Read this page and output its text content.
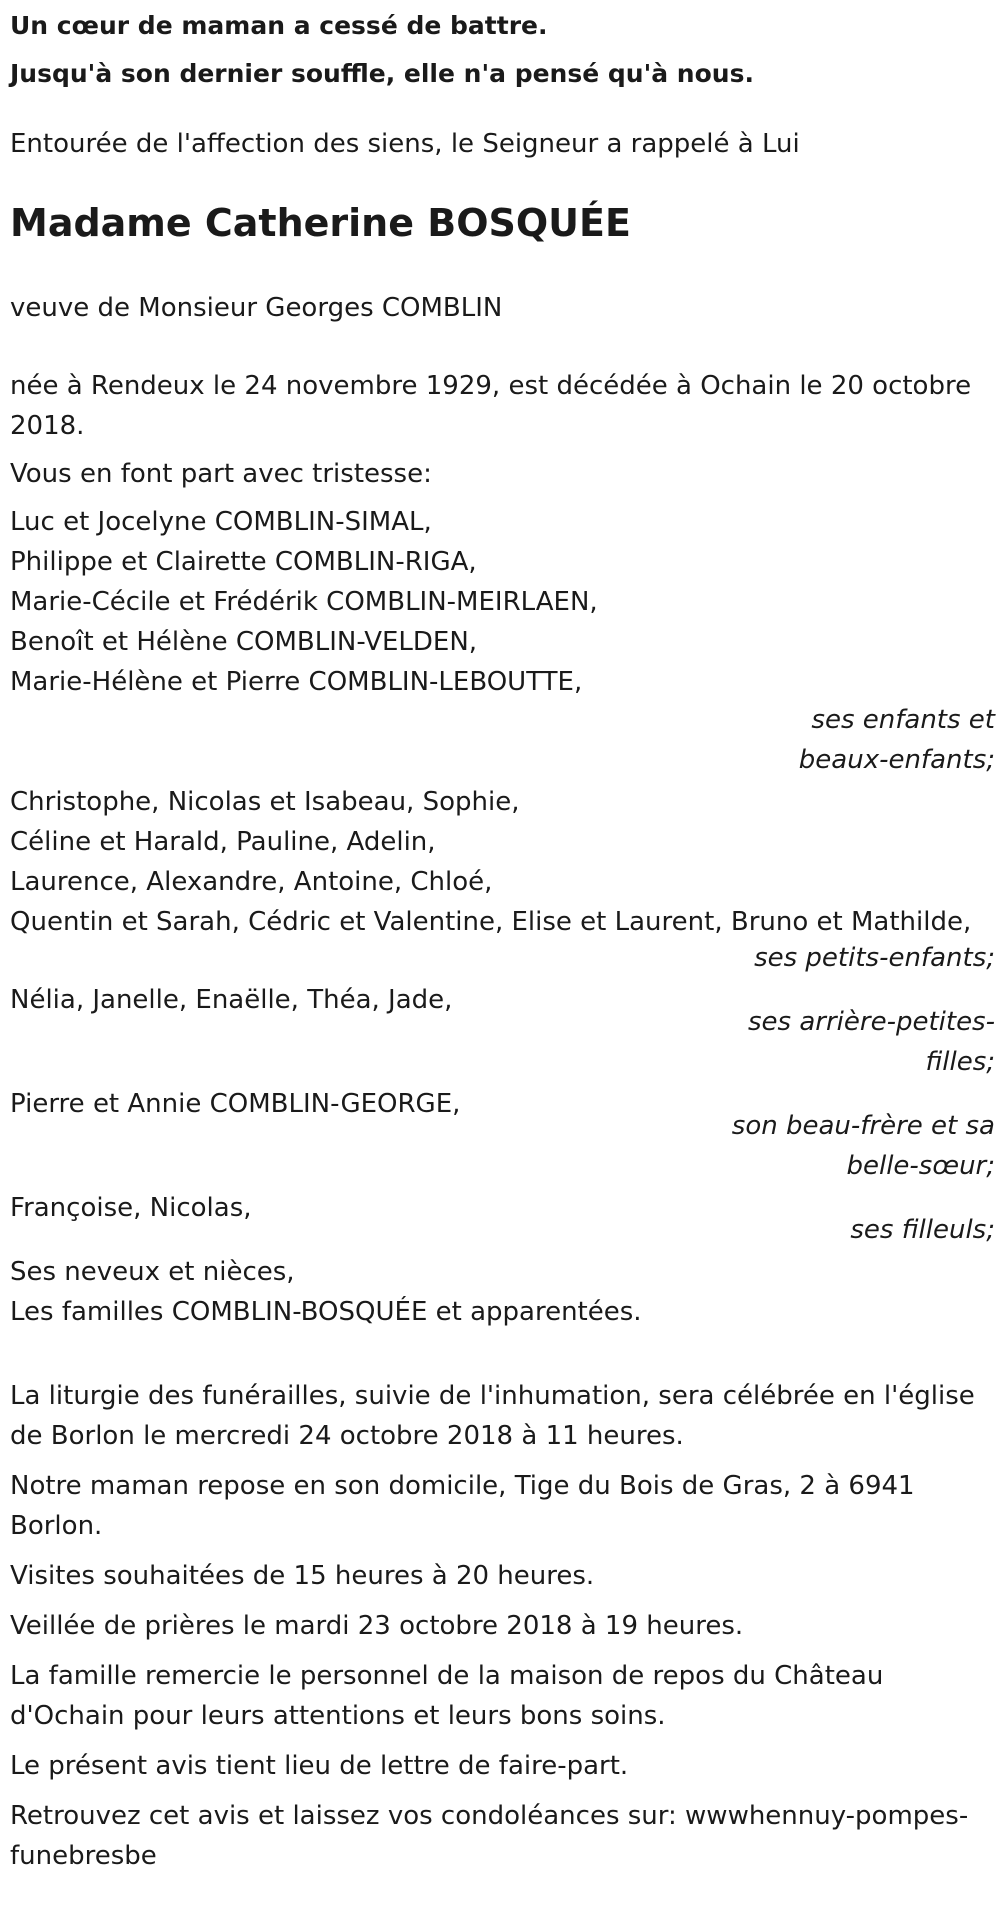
Un cœur de maman a cessé de battre.

Jusqu'à son dernier souffle, elle n'a pensé qu'à nous.

Entourée de l'affection des siens, le Seigneur a rappelé à Lui

Madame Catherine BOSQUÉE

veuve de Monsieur Georges COMBLIN

née à Rendeux le 24 novembre 1929, est décédée à Ochain le 20 octobre 2018.

Vous en font part avec tristesse:

Luc et Jocelyne COMBLIN-SIMAL,
Philippe et Clairette COMBLIN-RIGA,
Marie-Cécile et Frédérik COMBLIN-MEIRLAEN,
Benoît et Hélène COMBLIN-VELDEN,
Marie-Hélène et Pierre COMBLIN-LEBOUTTE,

ses enfants et beaux-enfants;

Christophe, Nicolas et Isabeau, Sophie,
Céline et Harald, Pauline, Adelin,
Laurence, Alexandre, Antoine, Chloé,
Quentin et Sarah, Cédric et Valentine, Elise et Laurent, Bruno et Mathilde,

ses petits-enfants;

Nélia, Janelle, Enaëlle, Théa, Jade,

ses arrière-petites-filles;

Pierre et Annie COMBLIN-GEORGE,

son beau-frère et sa belle-sœur;

Françoise, Nicolas,

ses filleuls;

Ses neveux et nièces,
Les familles COMBLIN-BOSQUÉE et apparentées.

La liturgie des funérailles, suivie de l'inhumation, sera célébrée en l'église de Borlon le mercredi 24 octobre 2018 à 11 heures.

Notre maman repose en son domicile, Tige du Bois de Gras, 2 à 6941 Borlon.

Visites souhaitées de 15 heures à 20 heures.

Veillée de prières le mardi 23 octobre 2018 à 19 heures.

La famille remercie le personnel de la maison de repos du Château d'Ochain pour leurs attentions et leurs bons soins.

Le présent avis tient lieu de lettre de faire-part.

Retrouvez cet avis et laissez vos condoléances sur: wwwhennuy-pompes-funebresbe
